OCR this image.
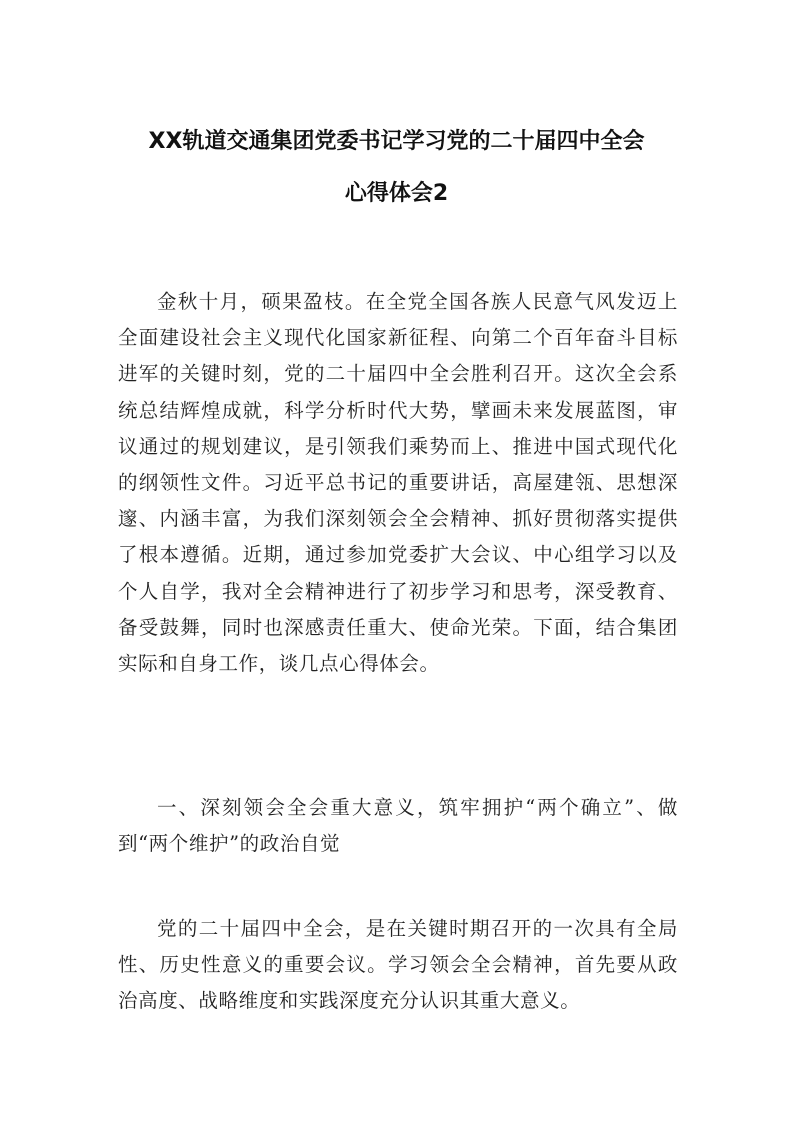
XX轨道交通集团党委书记学习党的二十届四中全会
心得体会2

金秋十月，硕果盈枝。在全党全国各族人民意气风发迈上全面建设社会主义现代化国家新征程、向第二个百年奋斗目标进军的关键时刻，党的二十届四中全会胜利召开。这次全会系统总结辉煌成就，科学分析时代大势，擘画未来发展蓝图，审议通过的规划建议，是引领我们乘势而上、推进中国式现代化的纲领性文件。习近平总书记的重要讲话，高屋建瓴、思想深邃、内涵丰富，为我们深刻领会全会精神、抓好贯彻落实提供了根本遵循。近期，通过参加党委扩大会议、中心组学习以及个人自学，我对全会精神进行了初步学习和思考，深受教育、备受鼓舞，同时也深感责任重大、使命光荣。下面，结合集团实际和自身工作，谈几点心得体会。

一、深刻领会全会重大意义，筑牢拥护“两个确立”、做到“两个维护”的政治自觉

党的二十届四中全会，是在关键时期召开的一次具有全局性、历史性意义的重要会议。学习领会全会精神，首先要从政治高度、战略维度和实践深度充分认识其重大意义。
